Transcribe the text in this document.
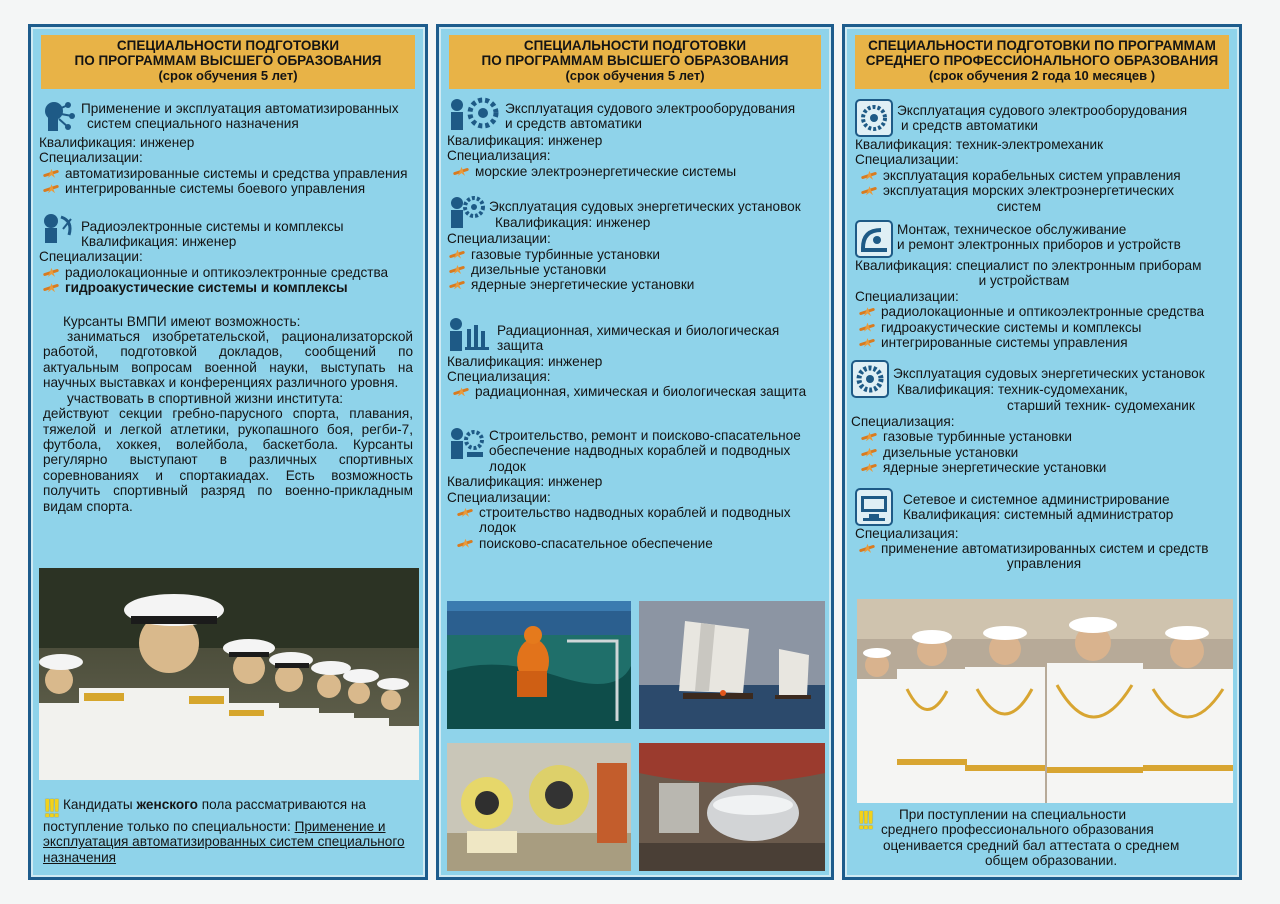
СПЕЦИАЛЬНОСТИ ПОДГОТОВКИ
ПО ПРОГРАММАМ ВЫСШЕГО ОБРАЗОВАНИЯ
(срок обучения 5 лет)
Применение и эксплуатация автоматизированных
систем специального назначения
Квалификация: инженер
Специализации:
автоматизированные системы и средства управления
интегрированные системы боевого управления
Радиоэлектронные системы и комплексы
Квалификация: инженер
Специализации:
радиолокационные и оптикоэлектронные средства
гидроакустические системы и комплексы
Курсанты ВМПИ имеют возможность:
заниматься изобретательской, рационализаторской работой, подготовкой докладов, сообщений по актуальным вопросам военной науки, выступать на научных выставках и конференциях различного уровня.
участвовать в спортивной жизни института:
действуют секции гребно-парусного спорта, плавания, тяжелой и легкой атлетики, рукопашного боя, регби-7, футбола, хоккея, волейбола, баскетбола. Курсанты регулярно выступают в различных спортивных соревнованиях и спортакиадах. Есть возможность получить спортивный разряд по военно-прикладным видам спорта.
!!! Кандидаты женского пола рассматриваются на поступление только по специальности: Применение и эксплуатация автоматизированных систем специального назначения
СПЕЦИАЛЬНОСТИ ПОДГОТОВКИ
ПО ПРОГРАММАМ ВЫСШЕГО ОБРАЗОВАНИЯ
(срок обучения 5 лет)
Эксплуатация судового электрооборудования
и средств автоматики
Квалификация: инженер
Специализация:
морские электроэнергетические системы
Эксплуатация судовых энергетических установок
Квалификация: инженер
Специализации:
газовые турбинные установки
дизельные установки
ядерные энергетические установки
Радиационная, химическая и биологическая
защита
Квалификация: инженер
Специализация:
радиационная, химическая и биологическая защита
Строительство, ремонт и поисково-спасательное
обеспечение надводных кораблей и подводных
лодок
Квалификация: инженер
Специализации:
строительство надводных кораблей и подводных лодок
поисково-спасательное обеспечение
СПЕЦИАЛЬНОСТИ ПОДГОТОВКИ ПО ПРОГРАММАМ
СРЕДНЕГО ПРОФЕССИОНАЛЬНОГО ОБРАЗОВАНИЯ
(срок обучения 2 года 10 месяцев )
Эксплуатация судового электрооборудования
и средств автоматики
Квалификация: техник-электромеханик
Специализации:
эксплуатация корабельных систем управления
эксплуатация морских электроэнергетических
систем
Монтаж, техническое обслуживание
и ремонт электронных приборов и устройств
Квалификация: специалист по электронным приборам
и устройствам
Специализации:
радиолокационные и оптикоэлектронные средства
гидроакустические системы и комплексы
интегрированные системы управления
Эксплуатация судовых энергетических установок
Квалификация: техник-судомеханик,
старший техник- судомеханик
Специализация:
газовые турбинные установки
дизельные установки
ядерные энергетические установки
Сетевое и системное администрирование
Квалификация: системный администратор
Специализация:
применение автоматизированных систем и средств
управления
!!!	При поступлении на специальности
среднего профессионального образования
оценивается средний бал аттестата о среднем
общем образовании.
